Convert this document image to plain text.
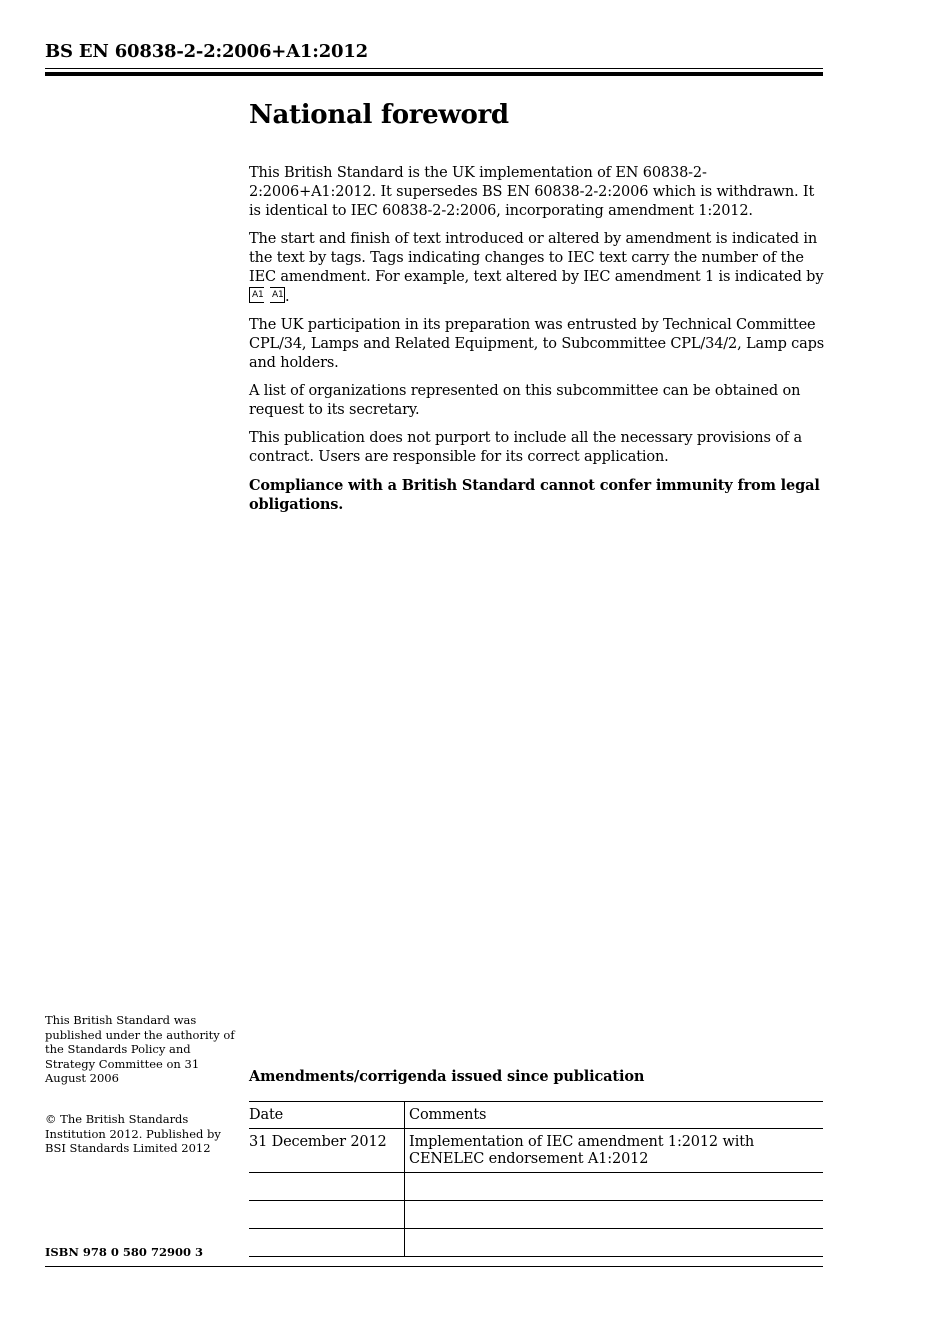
BS EN 60838-2-2:2006+A1:2012
National foreword

This British Standard is the UK implementation of EN 60838-2-2:2006+A1:2012. It supersedes BS EN 60838-2-2:2006 which is withdrawn. It is identical to IEC 60838-2-2:2006, incorporating amendment 1:2012.

The start and finish of text introduced or altered by amendment is indicated in the text by tags. Tags indicating changes to IEC text carry the number of the IEC amendment. For example, text altered by IEC amendment 1 is indicated by
A1 A1 .

The UK participation in its preparation was entrusted by Technical Committee CPL/34, Lamps and Related Equipment, to Subcommittee CPL/34/2, Lamp caps and holders.

A list of organizations represented on this subcommittee can be obtained on request to its secretary.

This publication does not purport to include all the necessary provisions of a contract. Users are responsible for its correct application.

Compliance with a British Standard cannot confer immunity from legal obligations.

This British Standard was published under the authority of the Standards Policy and Strategy Committee on 31 August 2006
© The British Standards Institution 2012. Published by BSI Standards Limited 2012
ISBN 978 0 580 72900 3
Amendments/corrigenda issued since publication
Date	Comments
31 December 2012	Implementation of IEC amendment 1:2012 with CENELEC endorsement A1:2012
